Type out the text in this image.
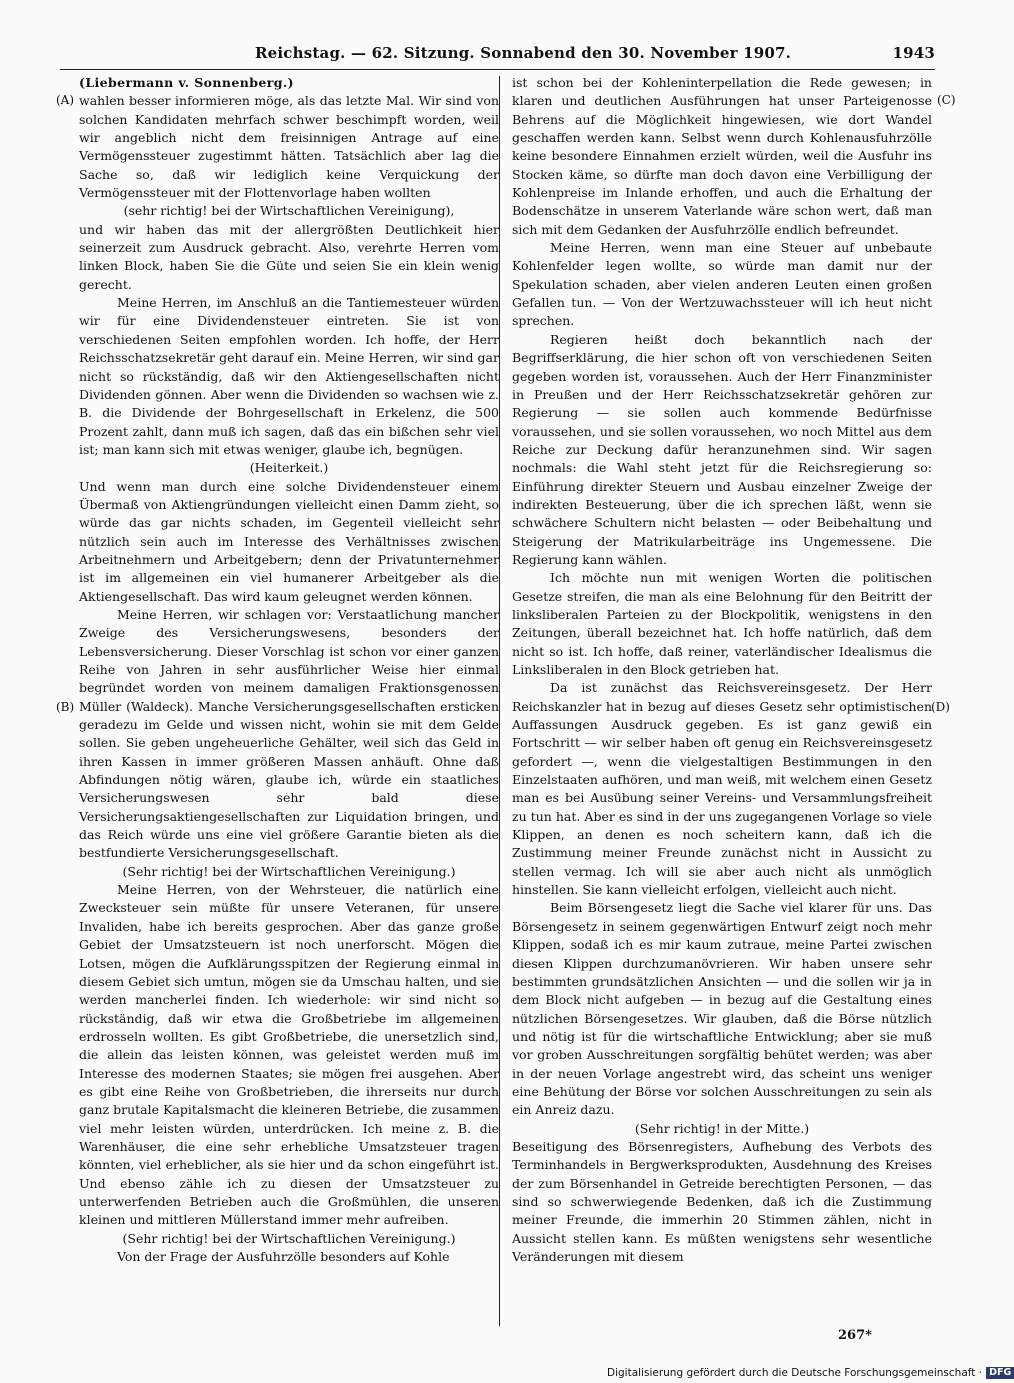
Reichstag. — 62. Sitzung. Sonnabend den 30. November 1907.	1943
(A)
(B)
(C)
(D)

(Liebermann v. Sonnenberg.)

wahlen besser informieren möge, als das letzte Mal. Wir sind von solchen Kandidaten mehrfach schwer beschimpft worden, weil wir angeblich nicht dem freisinnigen Antrage auf eine Vermögenssteuer zugestimmt hätten. Tatsächlich aber lag die Sache so, daß wir lediglich keine Verquickung der Vermögenssteuer mit der Flottenvorlage haben wollten

(sehr richtig! bei der Wirtschaftlichen Vereinigung),

und wir haben das mit der allergrößten Deutlichkeit hier seinerzeit zum Ausdruck gebracht. Also, verehrte Herren vom linken Block, haben Sie die Güte und seien Sie ein klein wenig gerecht.

Meine Herren, im Anschluß an die Tantiemesteuer würden wir für eine Dividendensteuer eintreten. Sie ist von verschiedenen Seiten empfohlen worden. Ich hoffe, der Herr Reichsschatzsekretär geht darauf ein. Meine Herren, wir sind gar nicht so rückständig, daß wir den Aktiengesellschaften nicht Dividenden gönnen. Aber wenn die Dividenden so wachsen wie z. B. die Dividende der Bohrgesellschaft in Erkelenz, die 500 Prozent zahlt, dann muß ich sagen, daß das ein bißchen sehr viel ist; man kann sich mit etwas weniger, glaube ich, begnügen.

(Heiterkeit.)

Und wenn man durch eine solche Dividendensteuer einem Übermaß von Aktiengründungen vielleicht einen Damm zieht, so würde das gar nichts schaden, im Gegenteil vielleicht sehr nützlich sein auch im Interesse des Verhältnisses zwischen Arbeitnehmern und Arbeitgebern; denn der Privatunternehmer ist im allgemeinen ein viel humanerer Arbeitgeber als die Aktiengesellschaft. Das wird kaum geleugnet werden können.

Meine Herren, wir schlagen vor: Verstaatlichung mancher Zweige des Versicherungswesens, besonders der Lebensversicherung. Dieser Vorschlag ist schon vor einer ganzen Reihe von Jahren in sehr ausführlicher Weise hier einmal begründet worden von meinem damaligen Fraktionsgenossen Müller (Waldeck). Manche Versicherungsgesellschaften ersticken geradezu im Gelde und wissen nicht, wohin sie mit dem Gelde sollen. Sie geben ungeheuerliche Gehälter, weil sich das Geld in ihren Kassen in immer größeren Massen anhäuft. Ohne daß Abfindungen nötig wären, glaube ich, würde ein staatliches Versicherungswesen sehr bald diese Versicherungsaktiengesellschaften zur Liquidation bringen, und das Reich würde uns eine viel größere Garantie bieten als die bestfundierte Versicherungsgesellschaft.

(Sehr richtig! bei der Wirtschaftlichen Vereinigung.)

Meine Herren, von der Wehrsteuer, die natürlich eine Zwecksteuer sein müßte für unsere Veteranen, für unsere Invaliden, habe ich bereits gesprochen. Aber das ganze große Gebiet der Umsatzsteuern ist noch unerforscht. Mögen die Lotsen, mögen die Aufklärungsspitzen der Regierung einmal in diesem Gebiet sich umtun, mögen sie da Umschau halten, und sie werden mancherlei finden. Ich wiederhole: wir sind nicht so rückständig, daß wir etwa die Großbetriebe im allgemeinen erdrosseln wollten. Es gibt Großbetriebe, die unersetzlich sind, die allein das leisten können, was geleistet werden muß im Interesse des modernen Staates; sie mögen frei ausgehen. Aber es gibt eine Reihe von Großbetrieben, die ihrerseits nur durch ganz brutale Kapitalsmacht die kleineren Betriebe, die zusammen viel mehr leisten würden, unterdrücken. Ich meine z. B. die Warenhäuser, die eine sehr erhebliche Umsatzsteuer tragen könnten, viel erheblicher, als sie hier und da schon eingeführt ist. Und ebenso zähle ich zu diesen der Umsatzsteuer zu unterwerfenden Betrieben auch die Großmühlen, die unseren kleinen und mittleren Müllerstand immer mehr aufreiben.

(Sehr richtig! bei der Wirtschaftlichen Vereinigung.)

Von der Frage der Ausfuhrzölle besonders auf Kohle

ist schon bei der Kohleninterpellation die Rede gewesen; in klaren und deutlichen Ausführungen hat unser Parteigenosse Behrens auf die Möglichkeit hingewiesen, wie dort Wandel geschaffen werden kann. Selbst wenn durch Kohlenausfuhrzölle keine besondere Einnahmen erzielt würden, weil die Ausfuhr ins Stocken käme, so dürfte man doch davon eine Verbilligung der Kohlenpreise im Inlande erhoffen, und auch die Erhaltung der Bodenschätze in unserem Vaterlande wäre schon wert, daß man sich mit dem Gedanken der Ausfuhrzölle endlich befreundet.

Meine Herren, wenn man eine Steuer auf unbebaute Kohlenfelder legen wollte, so würde man damit nur der Spekulation schaden, aber vielen anderen Leuten einen großen Gefallen tun. — Von der Wertzuwachssteuer will ich heut nicht sprechen.

Regieren heißt doch bekanntlich nach der Begriffserklärung, die hier schon oft von verschiedenen Seiten gegeben worden ist, voraussehen. Auch der Herr Finanzminister in Preußen und der Herr Reichsschatzsekretär gehören zur Regierung — sie sollen auch kommende Bedürfnisse voraussehen, und sie sollen voraussehen, wo noch Mittel aus dem Reiche zur Deckung dafür heranzunehmen sind. Wir sagen nochmals: die Wahl steht jetzt für die Reichsregierung so: Einführung direkter Steuern und Ausbau einzelner Zweige der indirekten Besteuerung, über die ich sprechen läßt, wenn sie schwächere Schultern nicht belasten — oder Beibehaltung und Steigerung der Matrikularbeiträge ins Ungemessene. Die Regierung kann wählen.

Ich möchte nun mit wenigen Worten die politischen Gesetze streifen, die man als eine Belohnung für den Beitritt der linksliberalen Parteien zu der Blockpolitik, wenigstens in den Zeitungen, überall bezeichnet hat. Ich hoffe natürlich, daß dem nicht so ist. Ich hoffe, daß reiner, vaterländischer Idealismus die Linksliberalen in den Block getrieben hat.

Da ist zunächst das Reichsvereinsgesetz. Der Herr Reichskanzler hat in bezug auf dieses Gesetz sehr optimistischen Auffassungen Ausdruck gegeben. Es ist ganz gewiß ein Fortschritt — wir selber haben oft genug ein Reichsvereinsgesetz gefordert —, wenn die vielgestaltigen Bestimmungen in den Einzelstaaten aufhören, und man weiß, mit welchem einen Gesetz man es bei Ausübung seiner Vereins- und Versammlungsfreiheit zu tun hat. Aber es sind in der uns zugegangenen Vorlage so viele Klippen, an denen es noch scheitern kann, daß ich die Zustimmung meiner Freunde zunächst nicht in Aussicht zu stellen vermag. Ich will sie aber auch nicht als unmöglich hinstellen. Sie kann vielleicht erfolgen, vielleicht auch nicht.

Beim Börsengesetz liegt die Sache viel klarer für uns. Das Börsengesetz in seinem gegenwärtigen Entwurf zeigt noch mehr Klippen, sodaß ich es mir kaum zutraue, meine Partei zwischen diesen Klippen durchzumanövrieren. Wir haben unsere sehr bestimmten grundsätzlichen Ansichten — und die sollen wir ja in dem Block nicht aufgeben — in bezug auf die Gestaltung eines nützlichen Börsengesetzes. Wir glauben, daß die Börse nützlich und nötig ist für die wirtschaftliche Entwicklung; aber sie muß vor groben Ausschreitungen sorgfältig behütet werden; was aber in der neuen Vorlage angestrebt wird, das scheint uns weniger eine Behütung der Börse vor solchen Ausschreitungen zu sein als ein Anreiz dazu.

(Sehr richtig! in der Mitte.)

Beseitigung des Börsenregisters, Aufhebung des Verbots des Terminhandels in Bergwerksprodukten, Ausdehnung des Kreises der zum Börsenhandel in Getreide berechtigten Personen, — das sind so schwerwiegende Bedenken, daß ich die Zustimmung meiner Freunde, die immerhin 20 Stimmen zählen, nicht in Aussicht stellen kann. Es müßten wenigstens sehr wesentliche Veränderungen mit diesem

267*
Digitalisierung gefördert durch die Deutsche Forschungsgemeinschaft · DFG
